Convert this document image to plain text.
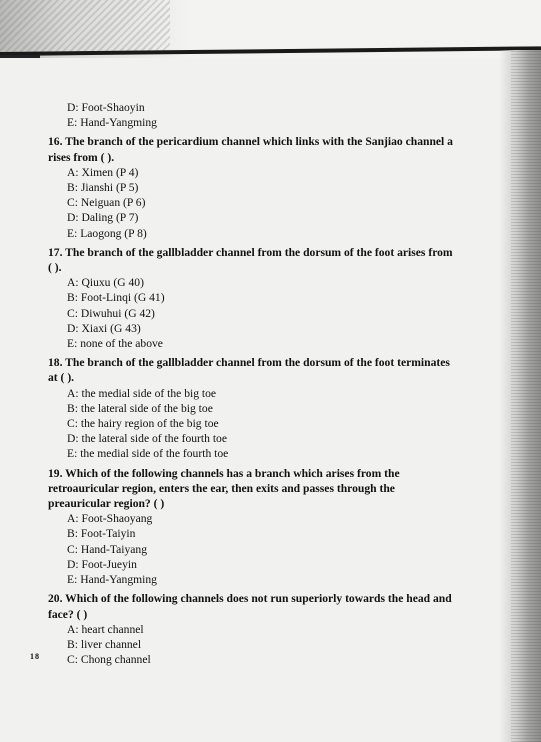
D: Foot-Shaoyin

E: Hand-Yangming

16. The branch of the pericardium channel which links with the Sanjiao channel a rises from ( ).

A: Ximen (P 4)

B: Jianshi (P 5)

C: Neiguan (P 6)

D: Daling (P 7)

E: Laogong (P 8)

17. The branch of the gallbladder channel from the dorsum of the foot arises from ( ).

A: Qiuxu (G 40)

B: Foot-Linqi (G 41)

C: Diwuhui (G 42)

D: Xiaxi (G 43)

E: none of the above

18. The branch of the gallbladder channel from the dorsum of the foot terminates at ( ).

A: the medial side of the big toe

B: the lateral side of the big toe

C: the hairy region of the big toe

D: the lateral side of the fourth toe

E: the medial side of the fourth toe

19. Which of the following channels has a branch which arises from the retroauricular region, enters the ear, then exits and passes through the preauricular region? ( )

A: Foot-Shaoyang

B: Foot-Taiyin

C: Hand-Taiyang

D: Foot-Jueyin

E: Hand-Yangming

20. Which of the following channels does not run superiorly towards the head and face? ( )

A: heart channel

B: liver channel

C: Chong channel

18
